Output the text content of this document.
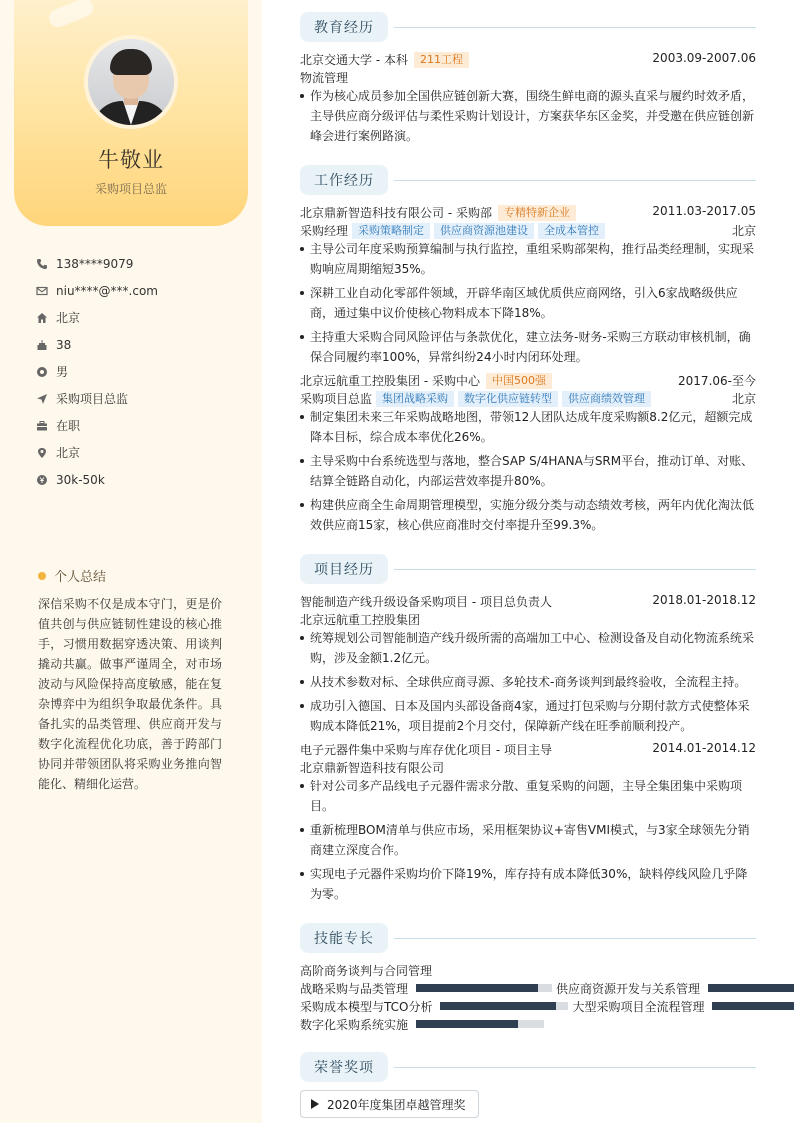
牛敬业
采购项目总监
138****9079
niu****@***.com
北京
38
男
采购项目总监
在职
北京
30k-50k
个人总结
深信采购不仅是成本守门，更是价值共创与供应链韧性建设的核心推手，习惯用数据穿透决策、用谈判撬动共赢。做事严谨周全，对市场波动与风险保持高度敏感，能在复杂博弈中为组织争取最优条件。具备扎实的品类管理、供应商开发与数字化流程优化功底，善于跨部门协同并带领团队将采购业务推向智能化、精细化运营。
教育经历
北京交通大学 - 本科 211工程	2003.09-2007.06
物流管理
作为核心成员参加全国供应链创新大赛，围绕生鲜电商的源头直采与履约时效矛盾，主导供应商分级评估与柔性采购计划设计，方案获华东区金奖，并受邀在供应链创新峰会进行案例路演。
工作经历
北京鼎新智造科技有限公司 - 采购部 专精特新企业	2011.03-2017.05
采购经理 采购策略制定 供应商资源池建设 全成本管控	北京
主导公司年度采购预算编制与执行监控，重组采购部架构，推行品类经理制，实现采购响应周期缩短35%。
深耕工业自动化零部件领域，开辟华南区域优质供应商网络，引入6家战略级供应商，通过集中议价使核心物料成本下降18%。
主持重大采购合同风险评估与条款优化，建立法务-财务-采购三方联动审核机制，确保合同履约率100%，异常纠纷24小时内闭环处理。
北京远航重工控股集团 - 采购中心 中国500强	2017.06-至今
采购项目总监 集团战略采购 数字化供应链转型 供应商绩效管理	北京
制定集团未来三年采购战略地图，带领12人团队达成年度采购额8.2亿元，超额完成降本目标，综合成本率优化26%。
主导采购中台系统选型与落地，整合SAP S/4HANA与SRM平台，推动订单、对账、结算全链路自动化，内部运营效率提升80%。
构建供应商全生命周期管理模型，实施分级分类与动态绩效考核，两年内优化淘汰低效供应商15家，核心供应商准时交付率提升至99.3%。
项目经历
智能制造产线升级设备采购项目 - 项目总负责人	2018.01-2018.12
北京远航重工控股集团
统筹规划公司智能制造产线升级所需的高端加工中心、检测设备及自动化物流系统采购，涉及金额1.2亿元。
从技术参数对标、全球供应商寻源、多轮技术-商务谈判到最终验收，全流程主持。
成功引入德国、日本及国内头部设备商4家，通过打包采购与分期付款方式使整体采购成本降低21%，项目提前2个月交付，保障新产线在旺季前顺利投产。
电子元器件集中采购与库存优化项目 - 项目主导	2014.01-2014.12
北京鼎新智造科技有限公司
针对公司多产品线电子元器件需求分散、重复采购的问题，主导全集团集中采购项目。
重新梳理BOM清单与供应市场，采用框架协议+寄售VMI模式，与3家全球领先分销商建立深度合作。
实现电子元器件采购均价下降19%，库存持有成本降低30%，缺料停线风险几乎降为零。
技能专长
高阶商务谈判与合同管理
战略采购与品类管理	供应商资源开发与关系管理
采购成本模型与TCO分析	大型采购项目全流程管理
数字化采购系统实施
荣誉奖项
2020年度集团卓越管理奖
